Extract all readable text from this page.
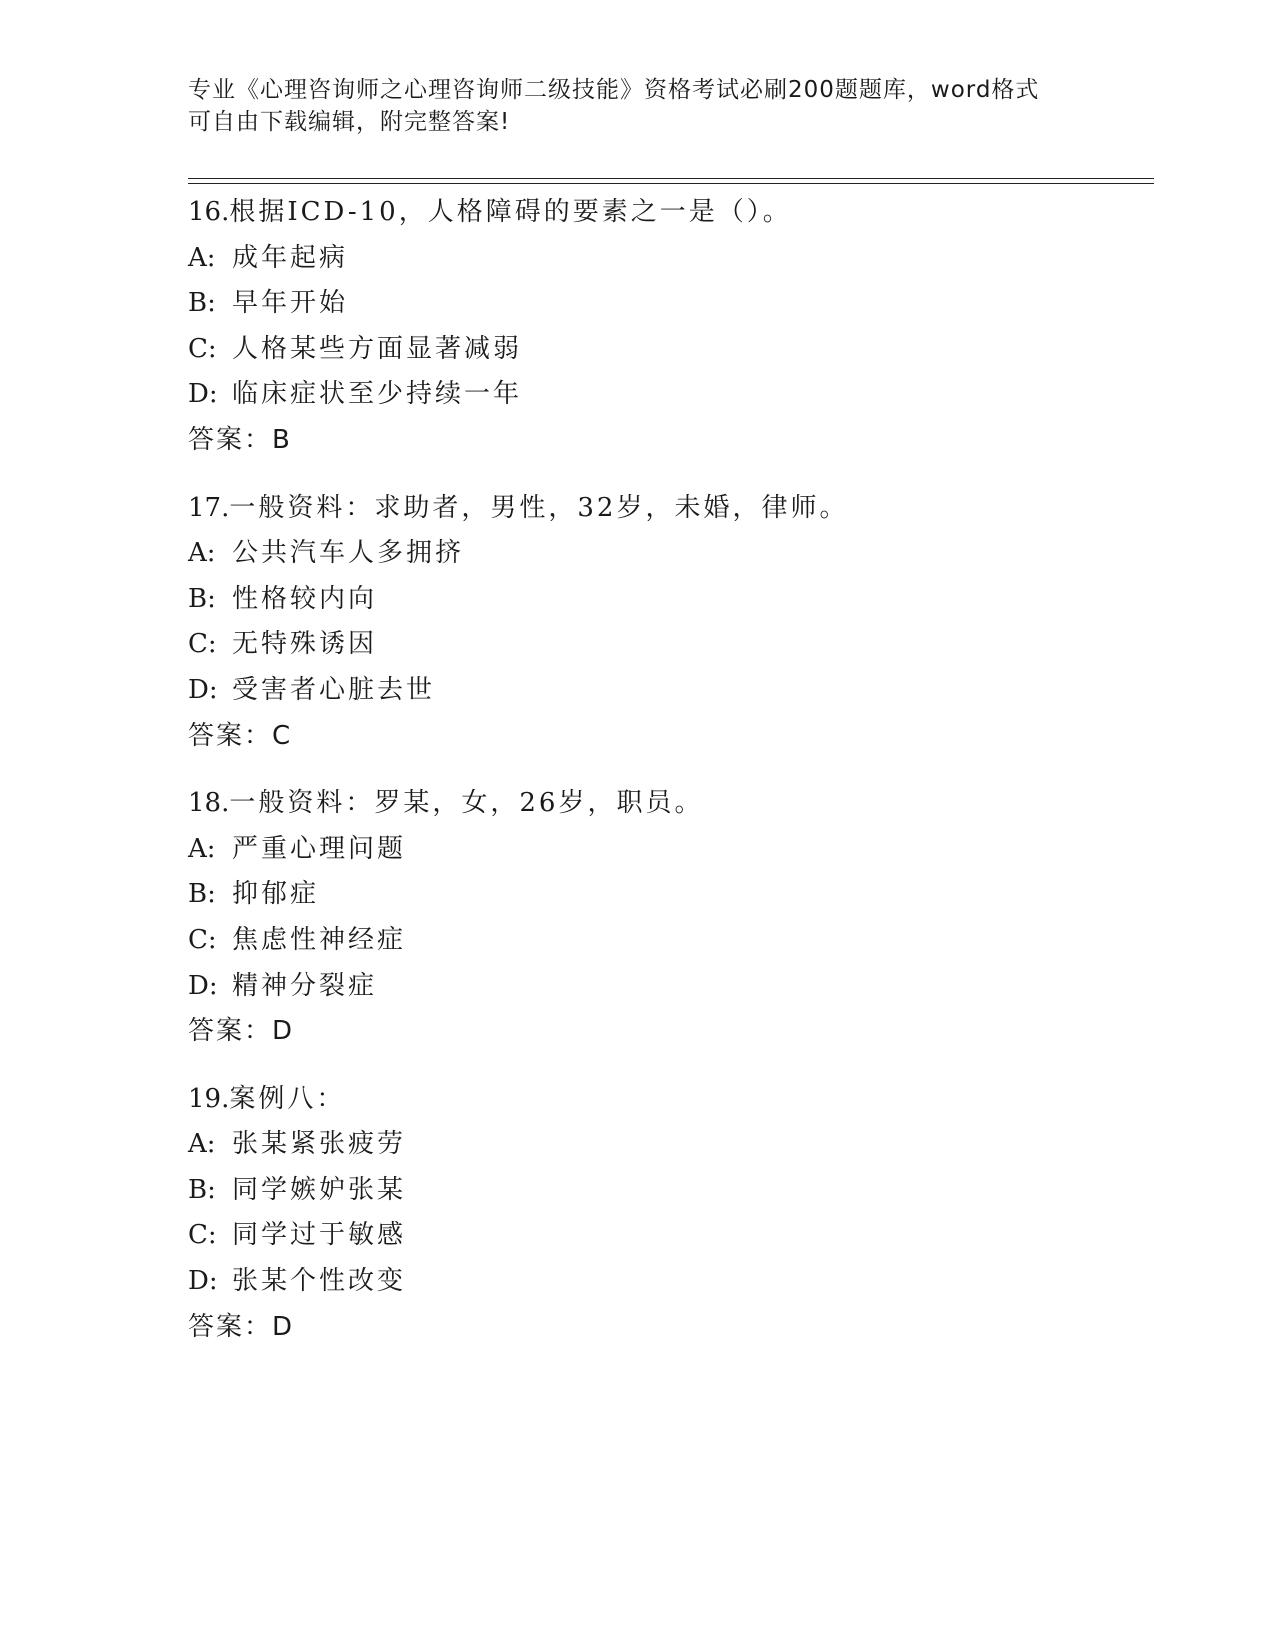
专业《心理咨询师之心理咨询师二级技能》资格考试必刷200题题库，word格式
可自由下载编辑，附完整答案!
16.根据ICD-10，人格障碍的要素之一是（）。
A: 成年起病
B: 早年开始
C: 人格某些方面显著减弱
D: 临床症状至少持续一年
答案：B
17.一般资料：求助者，男性，32岁，未婚，律师。
A: 公共汽车人多拥挤
B: 性格较内向
C: 无特殊诱因
D: 受害者心脏去世
答案：C
18.一般资料：罗某，女，26岁，职员。
A: 严重心理问题
B: 抑郁症
C: 焦虑性神经症
D: 精神分裂症
答案：D
19.案例八：
A: 张某紧张疲劳
B: 同学嫉妒张某
C: 同学过于敏感
D: 张某个性改变
答案：D
